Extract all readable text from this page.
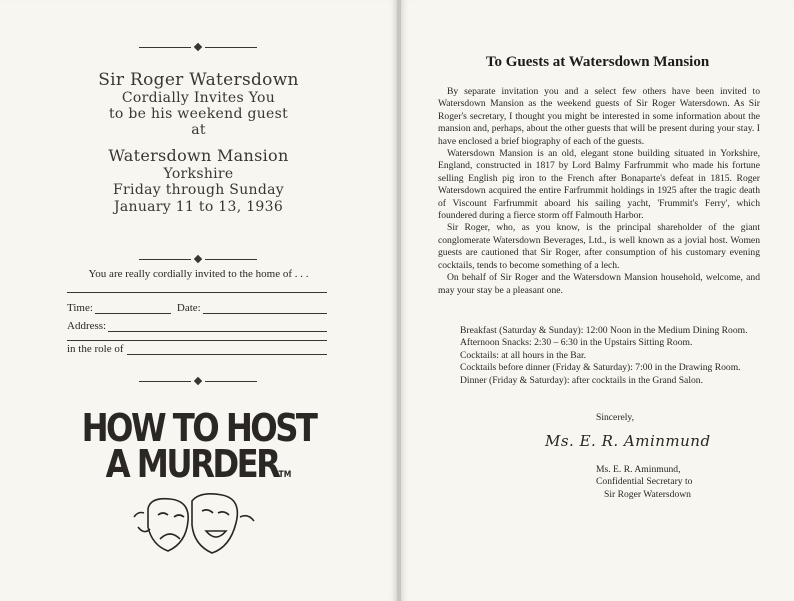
Sir Roger Watersdown
Cordially Invites You
to be his weekend guest
at
Watersdown Mansion
Yorkshire
Friday through Sunday
January 11 to 13, 1936
You are really cordially invited to the home of . . .
Time:	Date:
Address:
in the role of
HOW TO HOST
A MURDERTM
To Guests at Watersdown Mansion

By separate invitation you and a select few others have been invited to Watersdown Mansion as the weekend guests of Sir Roger Watersdown. As Sir Roger's secretary, I thought you might be interested in some information about the mansion and, perhaps, about the other guests that will be present during your stay. I have enclosed a brief biography of each of the guests.

Watersdown Mansion is an old, elegant stone building situated in Yorkshire, England, constructed in 1817 by Lord Balmy Farfrummit who made his fortune selling English pig iron to the French after Bonaparte's defeat in 1815. Roger Watersdown acquired the entire Farfrummit holdings in 1925 after the tragic death of Viscount Farfrummit aboard his sailing yacht, 'Frummit's Ferry', which foundered during a fierce storm off Falmouth Harbor.

Sir Roger, who, as you know, is the principal shareholder of the giant conglomerate Watersdown Beverages, Ltd., is well known as a jovial host. Women guests are cautioned that Sir Roger, after consumption of his customary evening cocktails, tends to become something of a lech.

On behalf of Sir Roger and the Watersdown Mansion household, welcome, and may your stay be a pleasant one.

Breakfast (Saturday & Sunday): 12:00 Noon in the Medium Dining Room.
Afternoon Snacks: 2:30 – 6:30 in the Upstairs Sitting Room.
Cocktails: at all hours in the Bar.
Cocktails before dinner (Friday & Saturday): 7:00 in the Drawing Room.
Dinner (Friday & Saturday): after cocktails in the Grand Salon.
Sincerely,
Ms. E. R. Aminmund
Ms. E. R. Aminmund,
Confidential Secretary to
Sir Roger Watersdown
